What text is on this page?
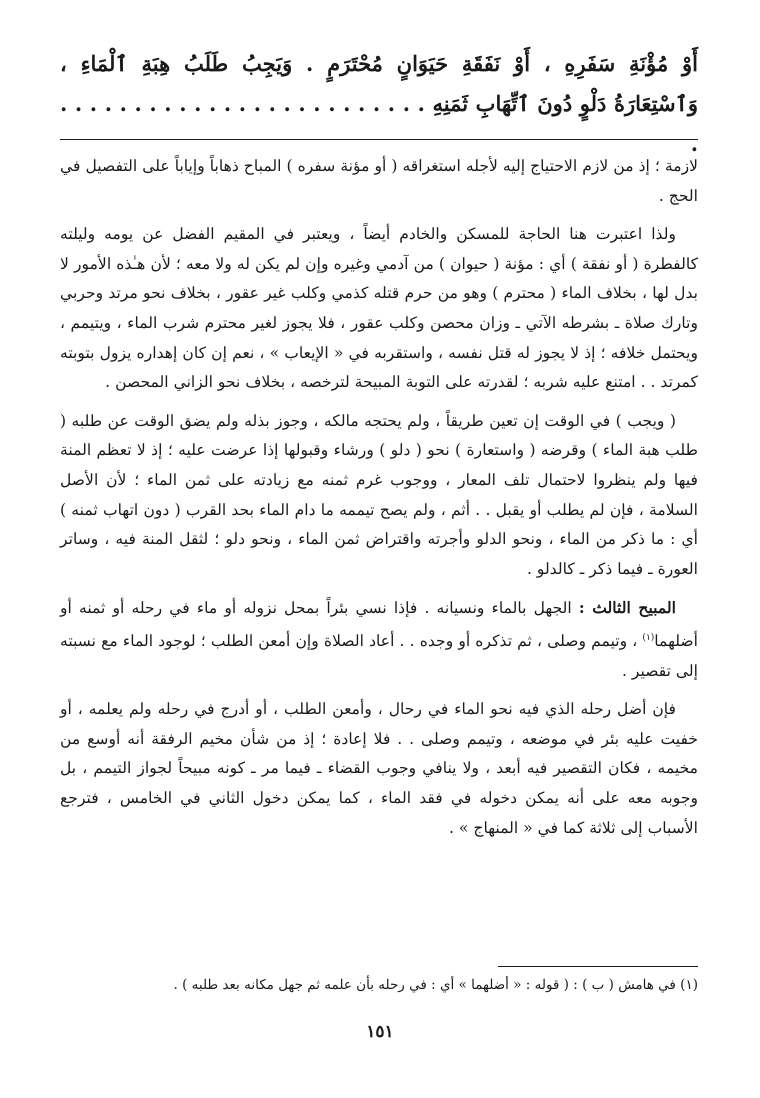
أَوْ مُؤْنَةِ سَفَرِهِ ، أَوْ نَفَقَةِ حَيَوَانٍ مُحْتَرَمٍ . وَيَجِبُ طَلَبُ هِبَةِ ٱلْمَاءِ ، وَٱسْتِعَارَةُ دَلْوٍ دُونَ ٱتِّهَابِ ثَمَنِهِ . . . . . . . . . . . . . . . . . . . . . . . . . .

لازمة ؛ إذ من لازم الاحتياج إليه لأجله استغراقه ( أو مؤنة سفره ) المباح ذهاباً وإياباً على التفصيل في الحج .

ولذا اعتبرت هنا الحاجة للمسكن والخادم أيضاً ، ويعتبر في المقيم الفضل عن يومه وليلته كالفطرة ( أو نفقة ) أي : مؤنة ( حيوان ) من آدمي وغيره وإن لم يكن له ولا معه ؛ لأن هـٰذه الأمور لا بدل لها ، بخلاف الماء ( محترم ) وهو من حرم قتله كذمي وكلب غير عقور ، بخلاف نحو مرتد وحربي وتارك صلاة ـ بشرطه الآتي ـ وزان محصن وكلب عقور ، فلا يجوز لغير محترم شرب الماء ، ويتيمم ، ويحتمل خلافه ؛ إذ لا يجوز له قتل نفسه ، واستقربه في « الإيعاب » ، نعم إن كان إهداره يزول بتوبته كمرتد . . امتنع عليه شربه ؛ لقدرته على التوبة المبيحة لترخصه ، بخلاف نحو الزاني المحصن .

( ويجب ) في الوقت إن تعين طريقاً ، ولم يحتجه مالكه ، وجوز بذله ولم يضق الوقت عن طلبه ( طلب هبة الماء ) وقرضه ( واستعارة ) نحو ( دلو ) ورشاء وقبولها إذا عرضت عليه ؛ إذ لا تعظم المنة فيها ولم ينظروا لاحتمال تلف المعار ، ووجوب غرم ثمنه مع زيادته على ثمن الماء ؛ لأن الأصل السلامة ، فإن لم يطلب أو يقبل . . أثم ، ولم يصح تيممه ما دام الماء بحد القرب ( دون اتهاب ثمنه ) أي : ما ذكر من الماء ، ونحو الدلو وأجرته واقتراض ثمن الماء ، ونحو دلو ؛ لثقل المنة فيه ، وساتر العورة ـ فيما ذكر ـ كالدلو .

المبيح الثالث : الجهل بالماء ونسيانه . فإذا نسي بئراً بمحل نزوله أو ماء في رحله أو ثمنه أو أضلهما$^{(١)}$ ، وتيمم وصلى ، ثم تذكره أو وجده . . أعاد الصلاة وإن أمعن الطلب ؛ لوجود الماء مع نسبته إلى تقصير .

فإن أضل رحله الذي فيه نحو الماء في رحال ، وأمعن الطلب ، أو أدرج في رحله ولم يعلمه ، أو خفيت عليه بئر في موضعه ، وتيمم وصلى . . فلا إعادة ؛ إذ من شأن مخيم الرفقة أنه أوسع من مخيمه ، فكان التقصير فيه أبعد ، ولا ينافي وجوب القضاء ـ فيما مر ـ كونه مبيحاً لجواز التيمم ، بل وجوبه معه على أنه يمكن دخوله في فقد الماء ، كما يمكن دخول الثاني في الخامس ، فترجع الأسباب إلى ثلاثة كما في « المنهاج » .

(١) في هامش ( ب ) : ( قوله : « أضلهما » أي : في رحله بأن علمه ثم جهل مكانه بعد طلبه ) .
١٥١
